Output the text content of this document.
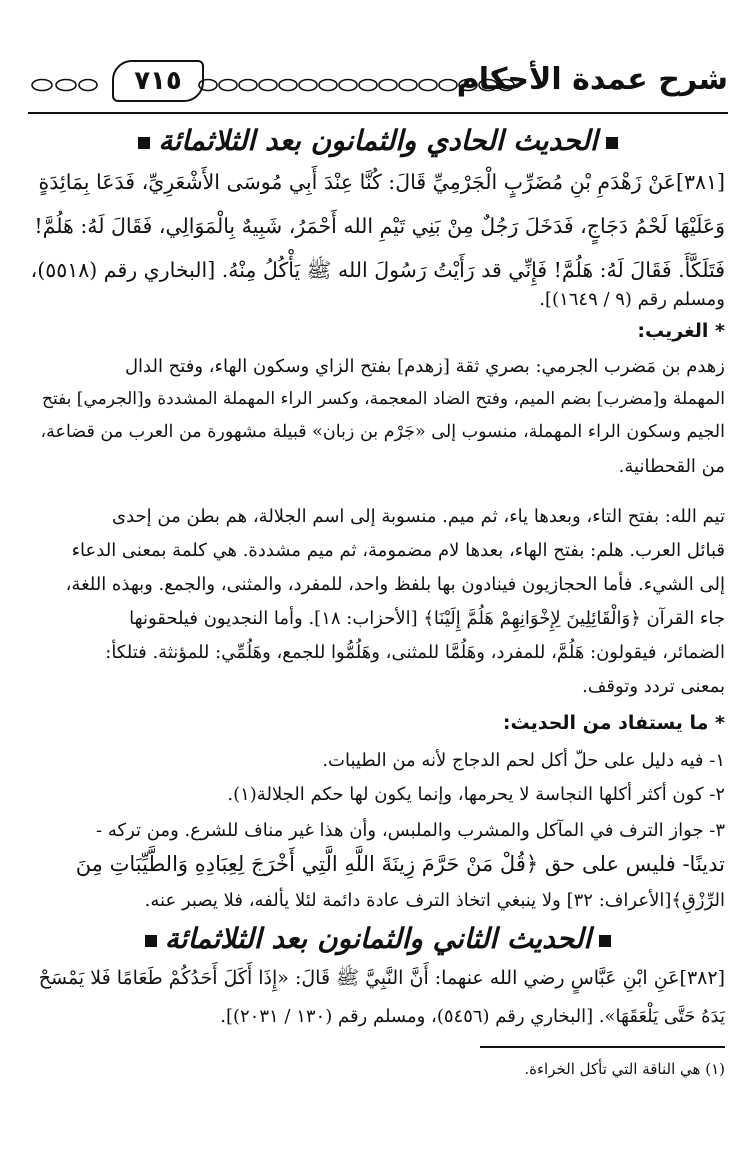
شرح عمدة الأحكام
٧١٥
الحديث الحادي والثمانون بعد الثلاثمائة
[٣٨١]عَنْ زَهْدَمِ بْنِ مُضَرِّبٍ الْجَرْمِيِّ قَالَ: كُنَّا عِنْدَ أَبِي مُوسَى الأَشْعَرِيِّ، فَدَعَا بِمَائِدَةٍ
وَعَلَيْهَا لَحْمُ دَجَاجٍ، فَدَخَلَ رَجُلٌ مِنْ بَنِي تَيْمِ الله أَحْمَرُ، شَبِيهٌ بِالْمَوَالِي، فَقَالَ لَهُ: هَلُمَّ!
فَتَلَكَّأَ. فَقَالَ لَهُ: هَلُمَّ! فَإِنِّي قد رَأَيْتُ رَسُولَ الله ﷺ يَأْكُلُ مِنْهُ. [البخاري رقم (٥٥١٨)،
ومسلم رقم (٩ / ١٦٤٩)].
* الغريب:
زهدم بن مَضرب الجرمي: بصري ثقة [زهدم] بفتح الزاي وسكون الهاء، وفتح الدال
المهملة و[مضرب] بضم الميم، وفتح الضاد المعجمة، وكسر الراء المهملة المشددة و[الجرمي] بفتح
الجيم وسكون الراء المهملة، منسوب إلى «جَرْم بن زبان» قبيلة مشهورة من العرب من قضاعة،
من القحطانية.
تيم الله: بفتح التاء، وبعدها ياء، ثم ميم. منسوبة إلى اسم الجلالة، هم بطن من إحدى
قبائل العرب. هلم: بفتح الهاء، بعدها لام مضمومة، ثم ميم مشددة. هي كلمة بمعنى الدعاء
إلى الشيء. فأما الحجازيون فينادون بها بلفظ واحد، للمفرد، والمثنى، والجمع. وبهذه اللغة،
جاء القرآن ﴿وَالْقَائِلِينَ لِإِخْوَانِهِمْ هَلُمَّ إِلَيْنَا﴾ [الأحزاب: ١٨]. وأما النجديون فيلحقونها
الضمائر، فيقولون: هَلُمَّ، للمفرد، وهَلُمَّا للمثنى، وهَلُمُّوا للجمع، وهَلُمِّي: للمؤنثة. فتلكأ:
بمعنى تردد وتوقف.
* ما يستفاد من الحديث:
١- فيه دليل على حلّ أكل لحم الدجاج لأنه من الطيبات.
٢- كون أكثر أكلها النجاسة لا يحرمها، وإنما يكون لها حكم الجلالة(١).
٣- جواز الترف في المآكل والمشرب والملبس، وأن هذا غير مناف للشرع. ومن تركه -
تدينًا- فليس على حق ﴿قُلْ مَنْ حَرَّمَ زِينَةَ اللَّهِ الَّتِي أَخْرَجَ لِعِبَادِهِ وَالطَّيِّبَاتِ مِنَ
الرِّزْقِ﴾[الأعراف: ٣٢] ولا ينبغي اتخاذ الترف عادة دائمة لئلا يألفه، فلا يصبر عنه.
الحديث الثاني والثمانون بعد الثلاثمائة
[٣٨٢]عَنِ ابْنِ عَبَّاسٍ رضي الله عنهما: أَنَّ النَّبِيَّ ﷺ قَالَ: «إِذَا أَكَلَ أَحَدُكُمْ طَعَامًا فَلا يَمْسَحْ
يَدَهُ حَتَّى يَلْعَقَهَا». [البخاري رقم (٥٤٥٦)، ومسلم رقم (١٣٠ / ٢٠٣١)].
(١) هي الناقة التي تأكل الخراءة.
